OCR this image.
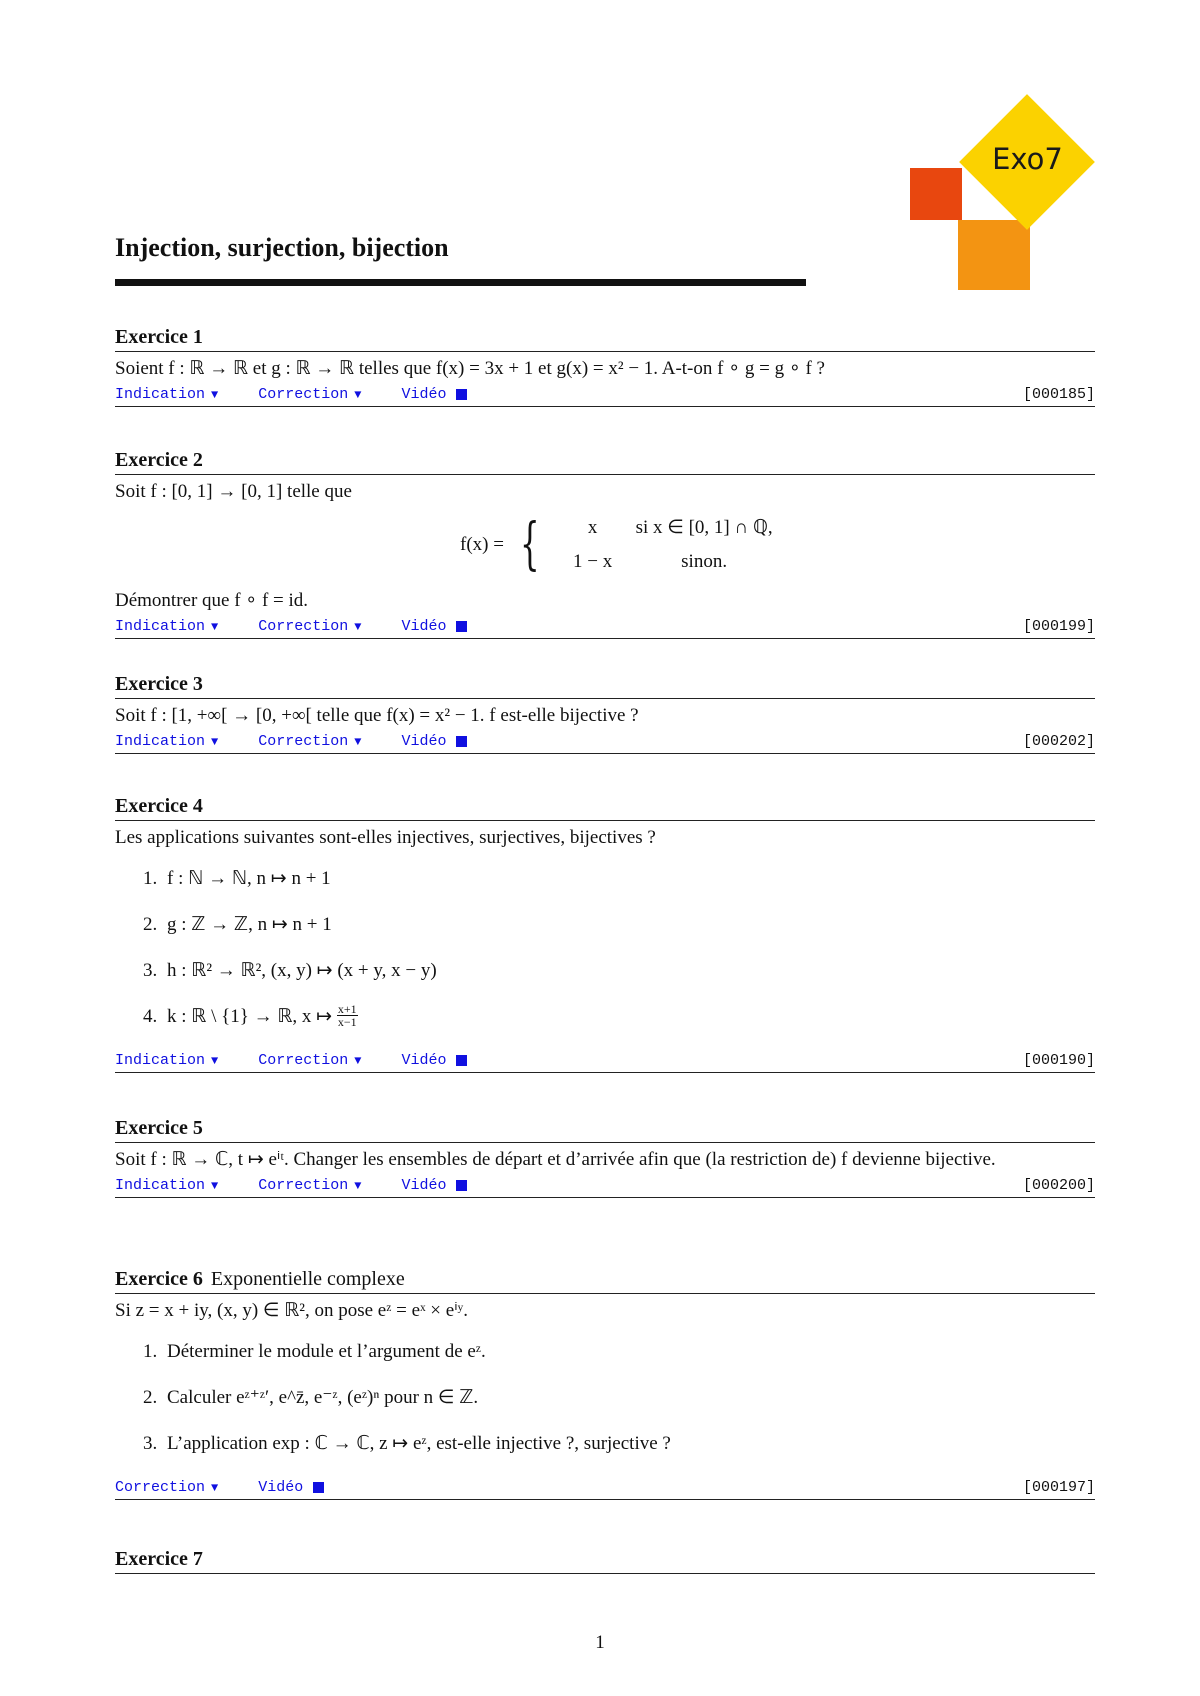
Exo7
Injection, surjection, bijection
Exercice 1
Soient f : ℝ → ℝ et g : ℝ → ℝ telles que f(x) = 3x + 1 et g(x) = x² − 1. A-t-on f ∘ g = g ∘ f ?
Indication ▼	Correction ▼	Vidéo	[000185]
Exercice 2
Soit f : [0, 1] → [0, 1] telle que
f(x) = {	x	si x ∈ [0, 1] ∩ ℚ,
1 − x	sinon.
Démontrer que f ∘ f = id.
Indication ▼	Correction ▼	Vidéo	[000199]
Exercice 3
Soit f : [1, +∞[ → [0, +∞[ telle que f(x) = x² − 1. f est-elle bijective ?
Indication ▼	Correction ▼	Vidéo	[000202]
Exercice 4
Les applications suivantes sont-elles injectives, surjectives, bijectives ?
1. f : ℕ → ℕ, n ↦ n + 1
2. g : ℤ → ℤ, n ↦ n + 1
3. h : ℝ² → ℝ², (x, y) ↦ (x + y, x − y)
4. k : ℝ \ {1} → ℝ, x ↦
$\frac{x+1}{x-1}$
Indication ▼	Correction ▼	Vidéo	[000190]
Exercice 5
Soit f : ℝ → ℂ, t ↦ eⁱᵗ. Changer les ensembles de départ et d’arrivée afin que (la restriction de) f devienne bijective.
Indication ▼	Correction ▼	Vidéo	[000200]
Exercice 6 Exponentielle complexe
Si z = x + iy, (x, y) ∈ ℝ², on pose eᶻ = eˣ × eⁱʸ.
1. Déterminer le module et l’argument de eᶻ.
2. Calculer eᶻ⁺ᶻ′, e^z̄, e⁻ᶻ, (eᶻ)ⁿ pour n ∈ ℤ.
3. L’application exp : ℂ → ℂ, z ↦ eᶻ, est-elle injective ?, surjective ?
Correction ▼	Vidéo	[000197]
Exercice 7
1
